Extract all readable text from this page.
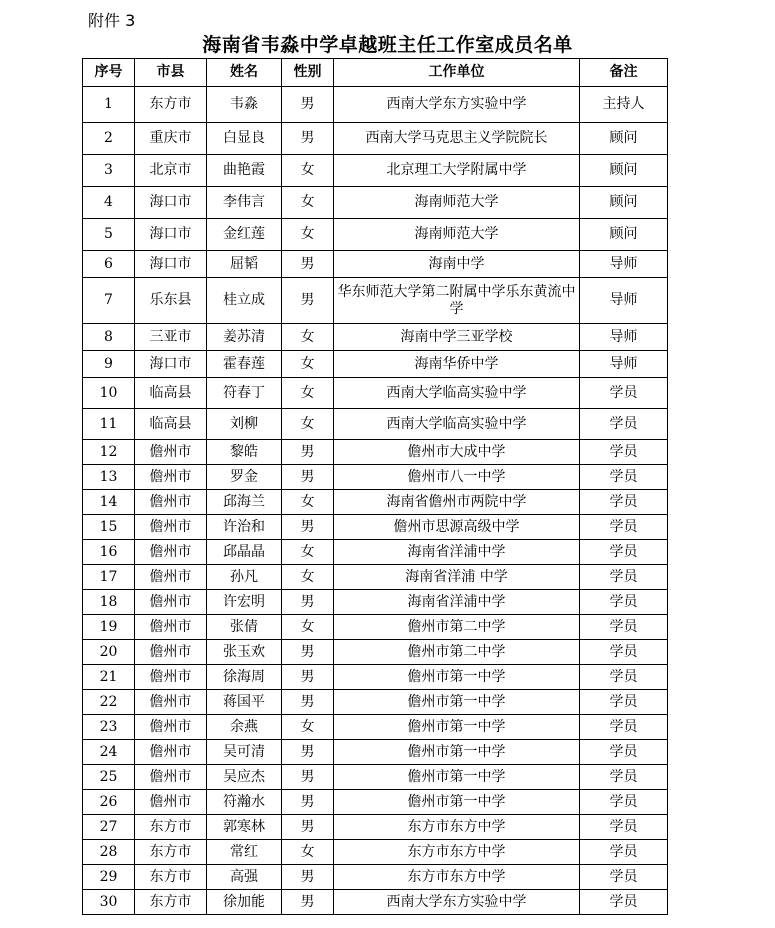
附件 3
海南省韦淼中学卓越班主任工作室成员名单
序号	市县	姓名	性别	工作单位	备注
1	东方市	韦淼	男	西南大学东方实验中学	主持人
2	重庆市	白显良	男	西南大学马克思主义学院院长	顾问
3	北京市	曲艳霞	女	北京理工大学附属中学	顾问
4	海口市	李伟言	女	海南师范大学	顾问
5	海口市	金红莲	女	海南师范大学	顾问
6	海口市	屈韬	男	海南中学	导师
7	乐东县	桂立成	男	华东师范大学第二附属中学乐东黄流中学	导师
8	三亚市	姜苏清	女	海南中学三亚学校	导师
9	海口市	霍春莲	女	海南华侨中学	导师
10	临高县	符春丁	女	西南大学临高实验中学	学员
11	临高县	刘柳	女	西南大学临高实验中学	学员
12	儋州市	黎皓	男	儋州市大成中学	学员
13	儋州市	罗金	男	儋州市八一中学	学员
14	儋州市	邱海兰	女	海南省儋州市两院中学	学员
15	儋州市	许治和	男	儋州市思源高级中学	学员
16	儋州市	邱晶晶	女	海南省洋浦中学	学员
17	儋州市	孙凡	女	海南省洋浦 中学	学员
18	儋州市	许宏明	男	海南省洋浦中学	学员
19	儋州市	张倩	女	儋州市第二中学	学员
20	儋州市	张玉欢	男	儋州市第二中学	学员
21	儋州市	徐海周	男	儋州市第一中学	学员
22	儋州市	蒋国平	男	儋州市第一中学	学员
23	儋州市	余燕	女	儋州市第一中学	学员
24	儋州市	吴可清	男	儋州市第一中学	学员
25	儋州市	吴应杰	男	儋州市第一中学	学员
26	儋州市	符瀚水	男	儋州市第一中学	学员
27	东方市	郭寒林	男	东方市东方中学	学员
28	东方市	常红	女	东方市东方中学	学员
29	东方市	高强	男	东方市东方中学	学员
30	东方市	徐加能	男	西南大学东方实验中学	学员
